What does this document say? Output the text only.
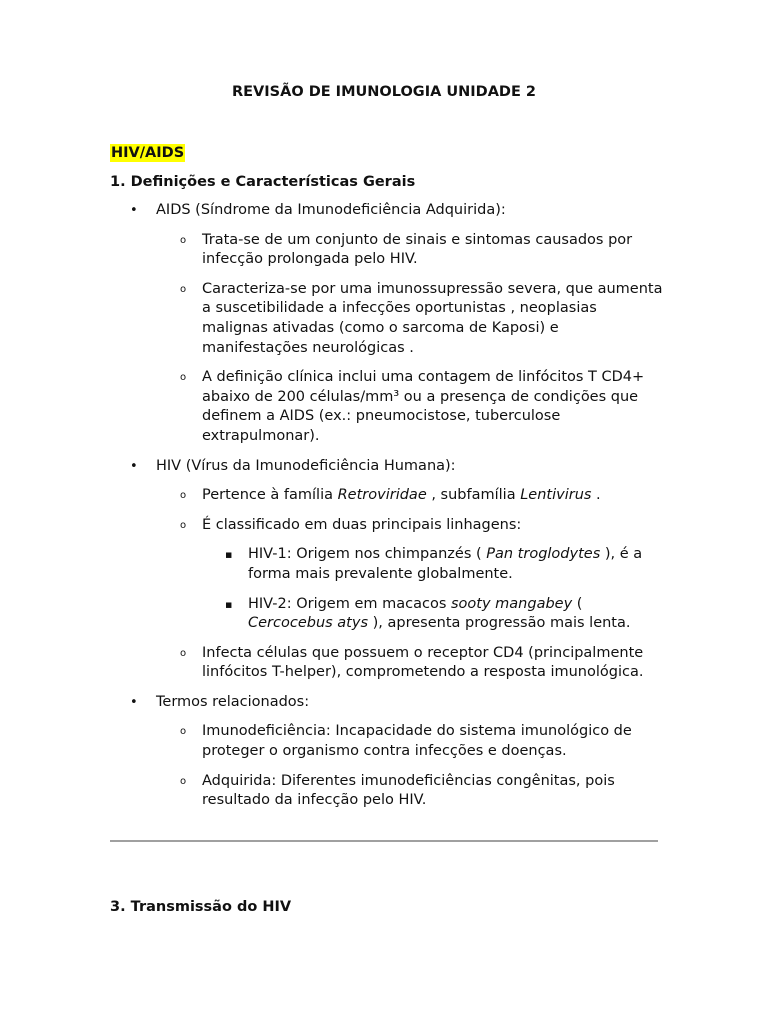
REVISÃO DE IMUNOLOGIA UNIDADE 2
HIV/AIDS
1. Definições e Características Gerais
• AIDS (Síndrome da Imunodeficiência Adquirida):
o Trata-se de um conjunto de sinais e sintomas causados por infecção prolongada pelo HIV.
o Caracteriza-se por uma imunossupressão severa, que aumenta a suscetibilidade a infecções oportunistas , neoplasias malignas ativadas (como o sarcoma de Kaposi) e manifestações neurológicas .
o A definição clínica inclui uma contagem de linfócitos T CD4+ abaixo de 200 células/mm³ ou a presença de condições que definem a AIDS (ex.: pneumocistose, tuberculose extrapulmonar).
• HIV (Vírus da Imunodeficiência Humana):
o Pertence à família Retroviridae , subfamília Lentivirus .
o É classificado em duas principais linhagens:
▪ HIV-1: Origem nos chimpanzés ( Pan troglodytes ), é a forma mais prevalente globalmente.
▪ HIV-2: Origem em macacos sooty mangabey ( Cercocebus atys ), apresenta progressão mais lenta.
o Infecta células que possuem o receptor CD4 (principalmente linfócitos T-helper), comprometendo a resposta imunológica.
• Termos relacionados:
o Imunodeficiência: Incapacidade do sistema imunológico de proteger o organismo contra infecções e doenças.
o Adquirida: Diferentes imunodeficiências congênitas, pois resultado da infecção pelo HIV.
3. Transmissão do HIV
